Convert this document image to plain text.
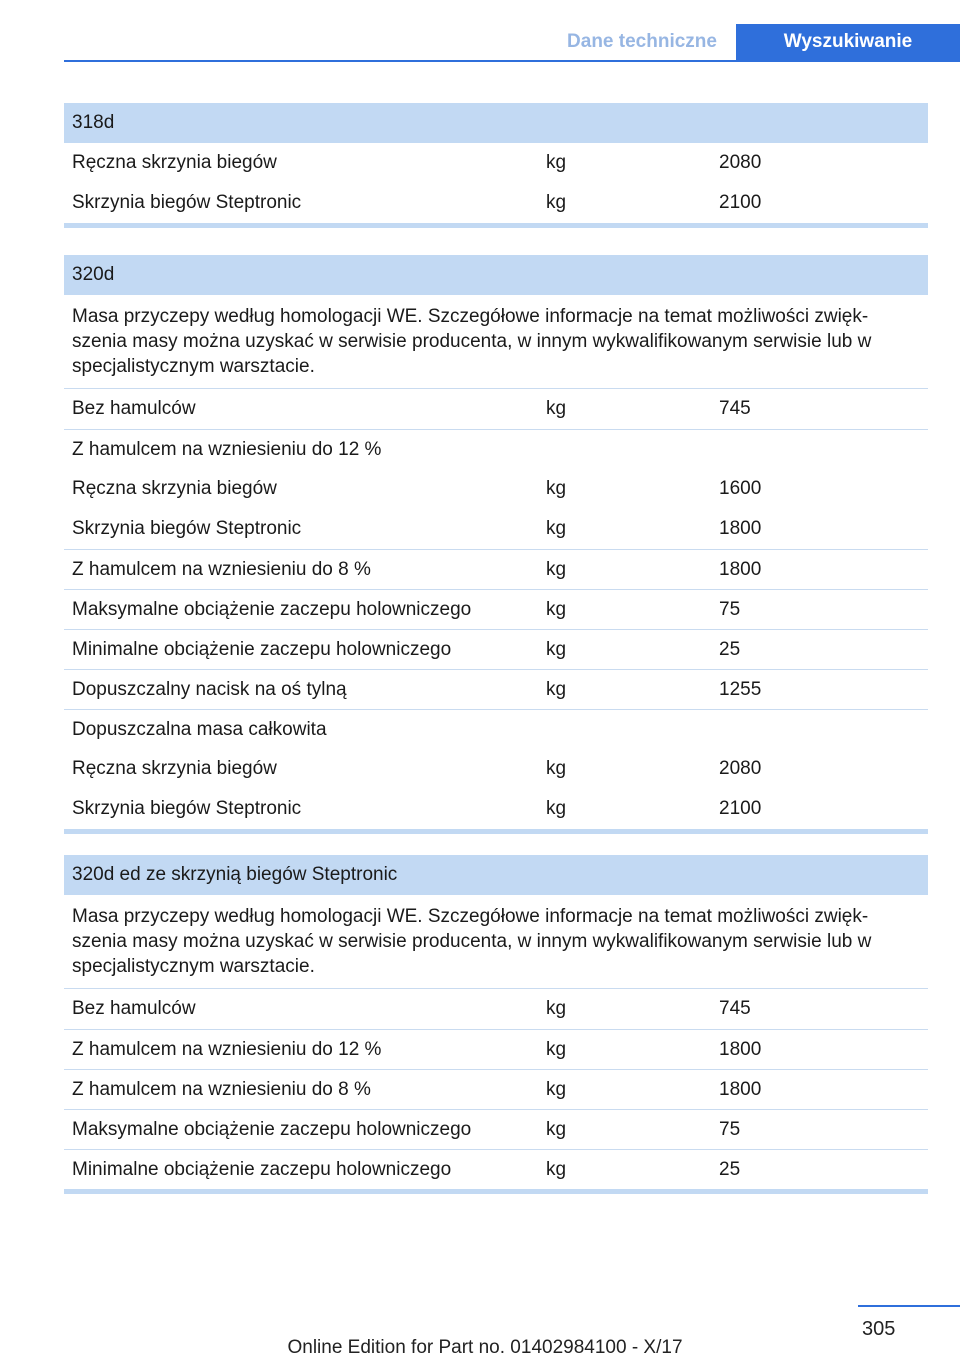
Dane techniczne	Wyszukiwanie
318d
Ręczna skrzynia biegów	kg	2080
Skrzynia biegów Steptronic	kg	2100
320d
Masa przyczepy według homologacji WE. Szczegółowe informacje na temat możliwości zwięk- szenia masy można uzyskać w serwisie producenta, w innym wykwalifikowanym serwisie lub w specjalistycznym warsztacie.
Bez hamulców	kg	745
Z hamulcem na wzniesieniu do 12 %
Ręczna skrzynia biegów	kg	1600
Skrzynia biegów Steptronic	kg	1800
Z hamulcem na wzniesieniu do 8 %	kg	1800
Maksymalne obciążenie zaczepu holowniczego	kg	75
Minimalne obciążenie zaczepu holowniczego	kg	25
Dopuszczalny nacisk na oś tylną	kg	1255
Dopuszczalna masa całkowita
Ręczna skrzynia biegów	kg	2080
Skrzynia biegów Steptronic	kg	2100
320d ed ze skrzynią biegów Steptronic
Masa przyczepy według homologacji WE. Szczegółowe informacje na temat możliwości zwięk- szenia masy można uzyskać w serwisie producenta, w innym wykwalifikowanym serwisie lub w specjalistycznym warsztacie.
Bez hamulców	kg	745
Z hamulcem na wzniesieniu do 12 %	kg	1800
Z hamulcem na wzniesieniu do 8 %	kg	1800
Maksymalne obciążenie zaczepu holowniczego	kg	75
Minimalne obciążenie zaczepu holowniczego	kg	25
305
Online Edition for Part no. 01402984100 - X/17
